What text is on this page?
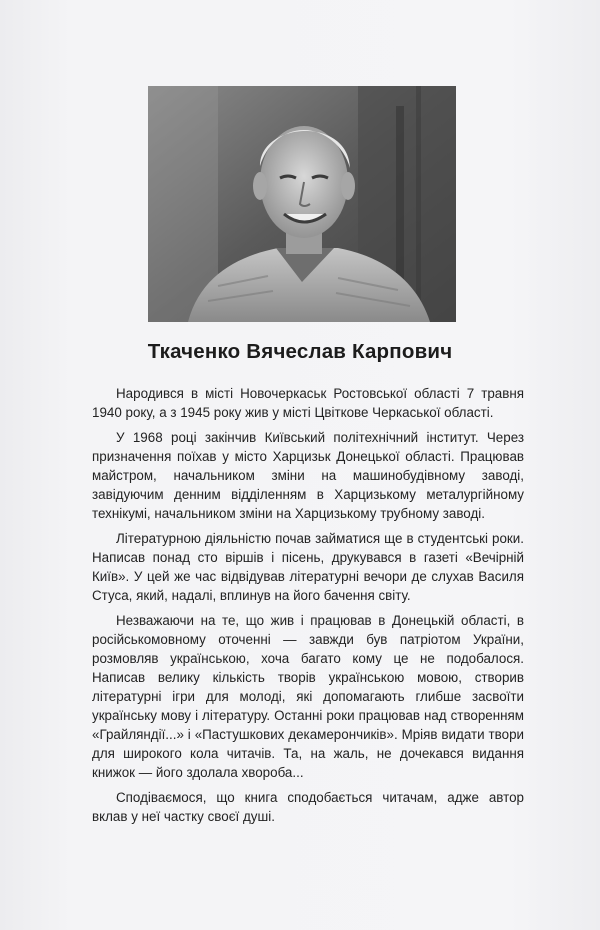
Ткаченко Вячеслав Карпович

Народився в місті Новочеркаськ Ростовської області 7 травня 1940 року, а з 1945 року жив у місті Цвіткове Черкаської області.

У 1968 році закінчив Київський політехнічний інститут. Через призначення поїхав у місто Харцизьк Донецької області. Працював майстром, начальником зміни на машинобудівному заводі, завідуючим денним відділенням в Харцизькому металургійному технікумі, начальником зміни на Харцизькому трубному заводі.

Літературною діяльністю почав займатися ще в студентські роки. Написав понад сто віршів і пісень, друкувався в газеті «Вечірній Київ». У цей же час відвідував літературні вечори де слухав Василя Стуса, який, надалі, вплинув на його бачення світу.

Незважаючи на те, що жив і працював в Донецькій області, в російськомовному оточенні — завжди був патріотом України, розмовляв українською, хоча багато кому це не подобалося. Написав велику кількість творів українською мовою, створив літературні ігри для молоді, які допомагають глибше засвоїти українську мову і літературу. Останні роки працював над створенням «Грайляндії...» і «Пастушкових декамерончиків». Мріяв видати твори для широкого кола читачів. Та, на жаль, не дочекався видання книжок — його здолала хвороба...

Сподіваємося, що книга сподобається читачам, адже автор вклав у неї частку своєї душі.
